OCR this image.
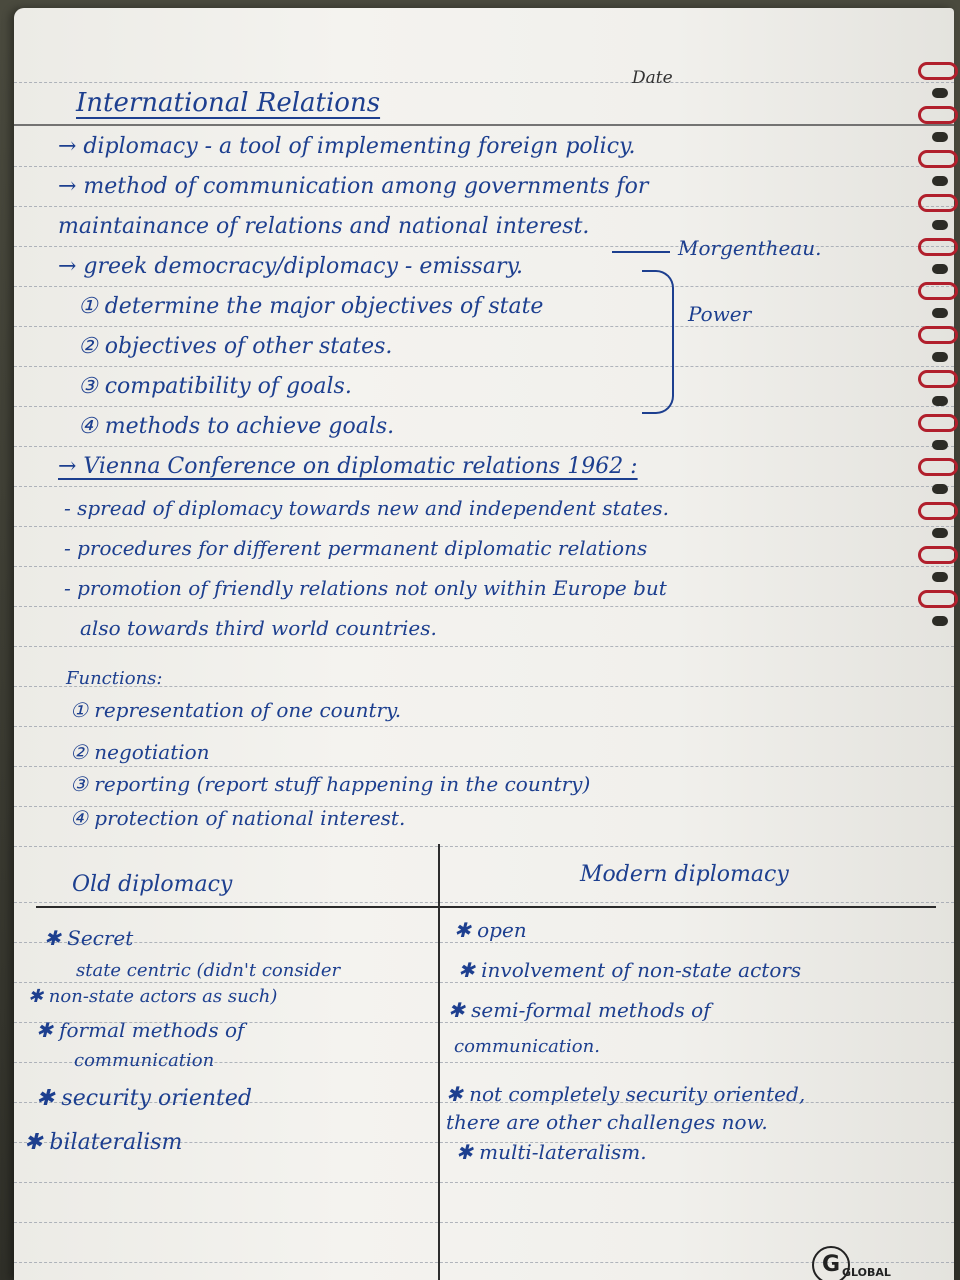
Date
International Relations
→ diplomacy - a tool of implementing foreign policy.
→ method of communication among governments for
maintainance of relations and national interest.
→ greek democracy/diplomacy - emissary.
Morgentheau.
① determine the major objectives of state
② objectives of other states.
③ compatibility of goals.
④ methods to achieve goals.
Power
→ Vienna Conference on diplomatic relations 1962 :
- spread of diplomacy towards new and independent states.
- procedures for different permanent diplomatic relations
- promotion of friendly relations not only within Europe but
also towards third world countries.
Functions:
① representation of one country.
② negotiation
③ reporting (report stuff happening in the country)
④ protection of national interest.
Old diplomacy	Modern diplomacy
✱ Secret
state centric (didn't consider
✱ non-state actors as such)
✱ formal methods of
communication
✱ security oriented
✱ bilateralism
✱ open
✱ involvement of non-state actors
✱ semi-formal methods of
communication.
✱ not completely security oriented,
there are other challenges now.
✱ multi-lateralism.
G GLOBAL
